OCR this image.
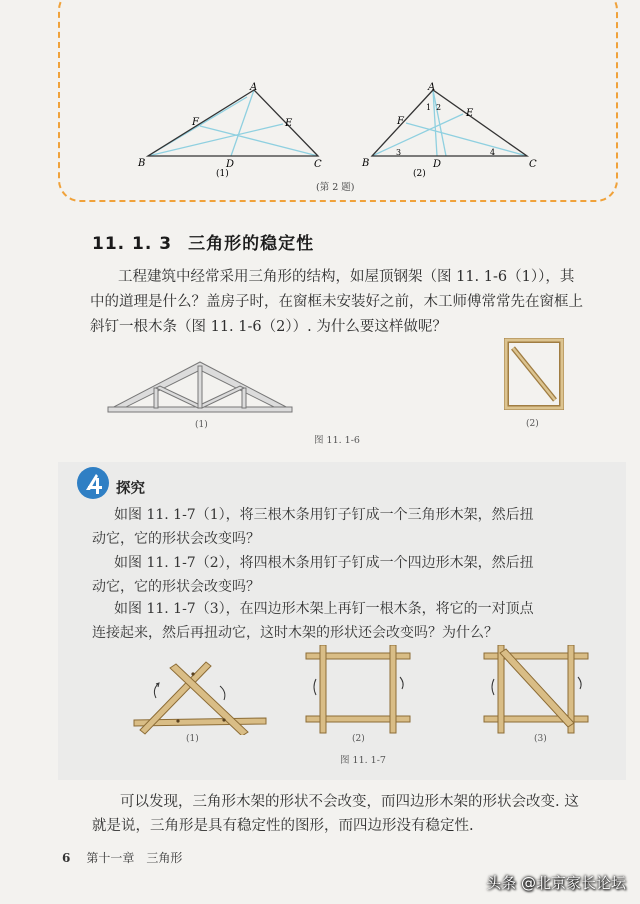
A
B	C
D
E
F
(1)
A
B	C
D
E
F
1 2
3	4
(2)
(第 2 题)
11. 1. 3 三角形的稳定性
工程建筑中经常采用三角形的结构，如屋顶钢架（图 11. 1-6（1）），其
中的道理是什么？盖房子时，在窗框未安装好之前，木工师傅常常先在窗框上
斜钉一根木条（图 11. 1-6（2））. 为什么要这样做呢？
(1)	(2)
图 11. 1-6
探究
如图 11. 1-7（1），将三根木条用钉子钉成一个三角形木架，然后扭
动它，它的形状会改变吗？
如图 11. 1-7（2），将四根木条用钉子钉成一个四边形木架，然后扭
动它，它的形状会改变吗？
如图 11. 1-7（3），在四边形木架上再钉一根木条，将它的一对顶点
连接起来，然后再扭动它，这时木架的形状还会改变吗？为什么？
(1)	(2)	(3)
图 11. 1-7
可以发现，三角形木架的形状不会改变，而四边形木架的形状会改变. 这
就是说，三角形是具有稳定性的图形，而四边形没有稳定性.
6 第十一章 三角形
头条 @北京家长论坛
